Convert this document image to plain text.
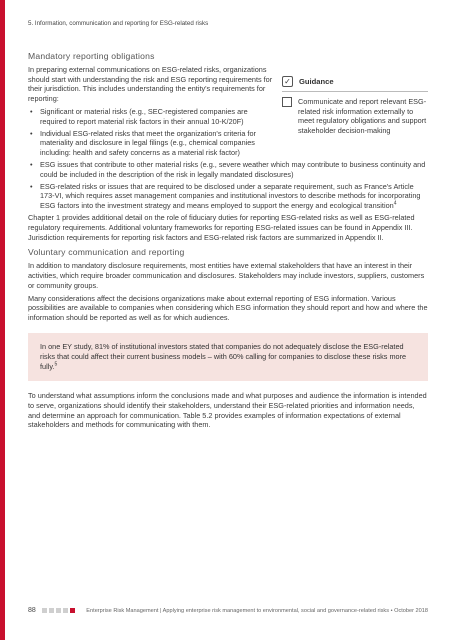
5. Information, communication and reporting for ESG-related risks
Mandatory reporting obligations

In preparing external communications on ESG-related risks, organizations should start with understanding the risk and ESG reporting requirements for their jurisdiction. This includes understanding the entity's requirements for reporting:

• Significant or material risks (e.g., SEC-registered companies are required to report material risk factors in their annual 10-K/20F)
• Individual ESG-related risks that meet the organization's criteria for materiality and disclosure in legal filings (e.g., chemical companies including: health and safety concerns as a material risk factor)
✓ Guidance
Communicate and report relevant ESG-related risk information externally to meet regulatory obligations and support stakeholder decision-making
• ESG issues that contribute to other material risks (e.g., severe weather which may contribute to business continuity and could be included in the description of the risk in legally mandated disclosures)
• ESG-related risks or issues that are required to be disclosed under a separate requirement, such as France's Article 173-VI, which requires asset management companies and institutional investors to describe methods for incorporating ESG factors into the investment strategy and means employed to support the energy and ecological transition$^4$

Chapter 1 provides additional detail on the role of fiduciary duties for reporting ESG-related risks as well as ESG-related regulatory requirements. Additional voluntary frameworks for reporting ESG-related issues can be found in Appendix III. Jurisdiction requirements for reporting risk factors and ESG-related risk factors are summarized in Appendix II.

Voluntary communication and reporting

In addition to mandatory disclosure requirements, most entities have external stakeholders that have an interest in their activities, which require broader communication and disclosures. Stakeholders may include investors, suppliers, customers or community groups.

Many considerations affect the decisions organizations make about external reporting of ESG information. Various possibilities are available to companies when considering which ESG information they should report and how and where the information should be reported as well as for which audiences.

In one EY study, 81% of institutional investors stated that companies do not adequately disclose the ESG-related risks that could affect their current business models – with 60% calling for companies to disclose these risks more fully.$^5$

To understand what assumptions inform the conclusions made and what purposes and audience the information is intended to serve, organizations should identify their stakeholders, understand their ESG-related priorities and information needs, and determine an approach for communication. Table 5.2 provides examples of information expectations of external stakeholders and methods for communicating with them.

88	Enterprise Risk Management | Applying enterprise risk management to environmental, social and governance-related risks • October 2018
